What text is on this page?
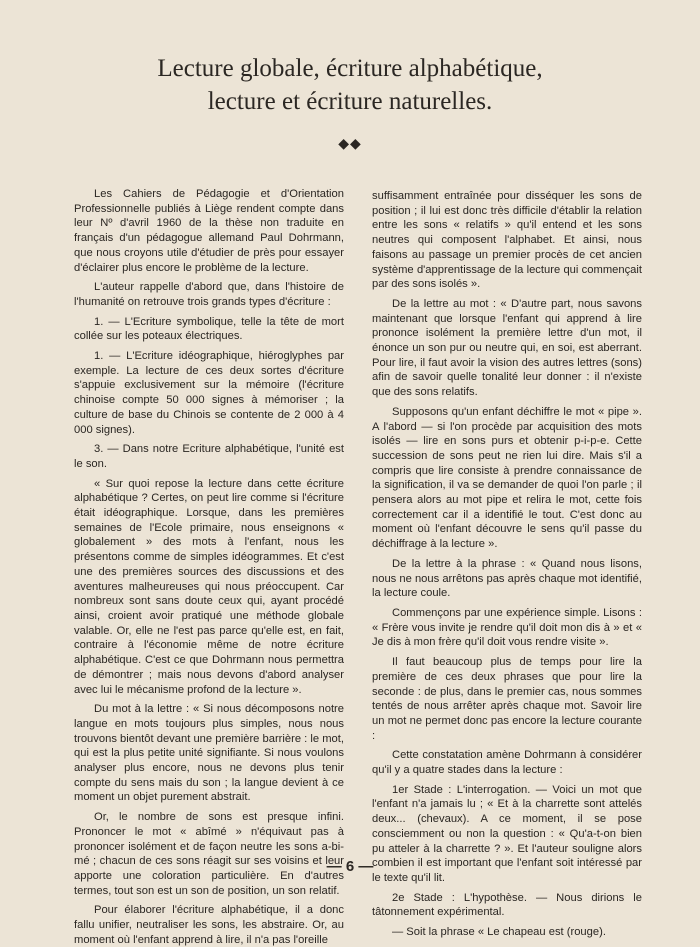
Lecture globale, écriture alphabétique,
lecture et écriture naturelles.
◆◆

Les Cahiers de Pédagogie et d'Orientation Professionnelle publiés à Liège rendent compte dans leur Nº d'avril 1960 de la thèse non traduite en français d'un pédagogue allemand Paul Dohrmann, que nous croyons utile d'étudier de près pour essayer d'éclairer plus encore le problème de la lecture.

L'auteur rappelle d'abord que, dans l'histoire de l'humanité on retrouve trois grands types d'écriture :

1. — L'Ecriture symbolique, telle la tête de mort collée sur les poteaux électriques.

1. — L'Ecriture idéographique, hiéroglyphes par exemple. La lecture de ces deux sortes d'écriture s'appuie exclusivement sur la mémoire (l'écriture chinoise compte 50 000 signes à mémoriser ; la culture de base du Chinois se contente de 2 000 à 4 000 signes).

3. — Dans notre Ecriture alphabétique, l'unité est le son.

« Sur quoi repose la lecture dans cette écriture alphabétique ? Certes, on peut lire comme si l'écriture était idéographique. Lorsque, dans les premières semaines de l'Ecole primaire, nous enseignons « globalement » des mots à l'enfant, nous les présentons comme de simples idéogrammes. Et c'est une des premières sources des discussions et des aventures malheureuses qui nous préoccupent. Car nombreux sont sans doute ceux qui, ayant procédé ainsi, croient avoir pratiqué une méthode globale valable. Or, elle ne l'est pas parce qu'elle est, en fait, contraire à l'économie même de notre écriture alphabétique. C'est ce que Dohrmann nous permettra de démontrer ; mais nous devons d'abord analyser avec lui le mécanisme profond de la lecture ».

Du mot à la lettre : « Si nous décomposons notre langue en mots toujours plus simples, nous nous trouvons bientôt devant une première barrière : le mot, qui est la plus petite unité signifiante. Si nous voulons analyser plus encore, nous ne devons plus tenir compte du sens mais du son ; la langue devient à ce moment un objet purement abstrait.

Or, le nombre de sons est presque infini. Prononcer le mot « abîmé » n'équivaut pas à prononcer isolément et de façon neutre les sons a-bi-mé ; chacun de ces sons réagit sur ses voisins et leur apporte une coloration particulière. En d'autres termes, tout son est un son de position, un son relatif.

Pour élaborer l'écriture alphabétique, il a donc fallu unifier, neutraliser les sons, les abstraire. Or, au moment où l'enfant apprend à lire, il n'a pas l'oreille

suffisamment entraînée pour disséquer les sons de position ; il lui est donc très difficile d'établir la relation entre les sons « relatifs » qu'il entend et les sons neutres qui composent l'alphabet. Et ainsi, nous faisons au passage un premier procès de cet ancien système d'apprentissage de la lecture qui commençait par des sons isolés ».

De la lettre au mot : « D'autre part, nous savons maintenant que lorsque l'enfant qui apprend à lire prononce isolément la première lettre d'un mot, il énonce un son pur ou neutre qui, en soi, est aberrant. Pour lire, il faut avoir la vision des autres lettres (sons) afin de savoir quelle tonalité leur donner : il n'existe que des sons relatifs.

Supposons qu'un enfant déchiffre le mot « pipe ». A l'abord — si l'on procède par acquisition des mots isolés — lire en sons purs et obtenir p-i-p-e. Cette succession de sons peut ne rien lui dire. Mais s'il a compris que lire consiste à prendre connaissance de la signification, il va se demander de quoi l'on parle ; il pensera alors au mot pipe et relira le mot, cette fois correctement car il a identifié le tout. C'est donc au moment où l'enfant découvre le sens qu'il passe du déchiffrage à la lecture ».

De la lettre à la phrase : « Quand nous lisons, nous ne nous arrêtons pas après chaque mot identifié, la lecture coule.

Commençons par une expérience simple. Lisons : « Frère vous invite je rendre qu'il doit mon dis à » et « Je dis à mon frère qu'il doit vous rendre visite ».

Il faut beaucoup plus de temps pour lire la première de ces deux phrases que pour lire la seconde : de plus, dans le premier cas, nous sommes tentés de nous arrêter après chaque mot. Savoir lire un mot ne permet donc pas encore la lecture courante :

Cette constatation amène Dohrmann à considérer qu'il y a quatre stades dans la lecture :

1er Stade : L'interrogation. — Voici un mot que l'enfant n'a jamais lu ; « Et à la charrette sont attelés deux... (chevaux). A ce moment, il se pose consciemment ou non la question : « Qu'a-t-on bien pu atteler à la charrette ? ». Et l'auteur souligne alors combien il est important que l'enfant soit intéressé par le texte qu'il lit.

2e Stade : L'hypothèse. — Nous dirions le tâtonnement expérimental.

— Soit la phrase « Le chapeau est (rouge).

— 6 —
